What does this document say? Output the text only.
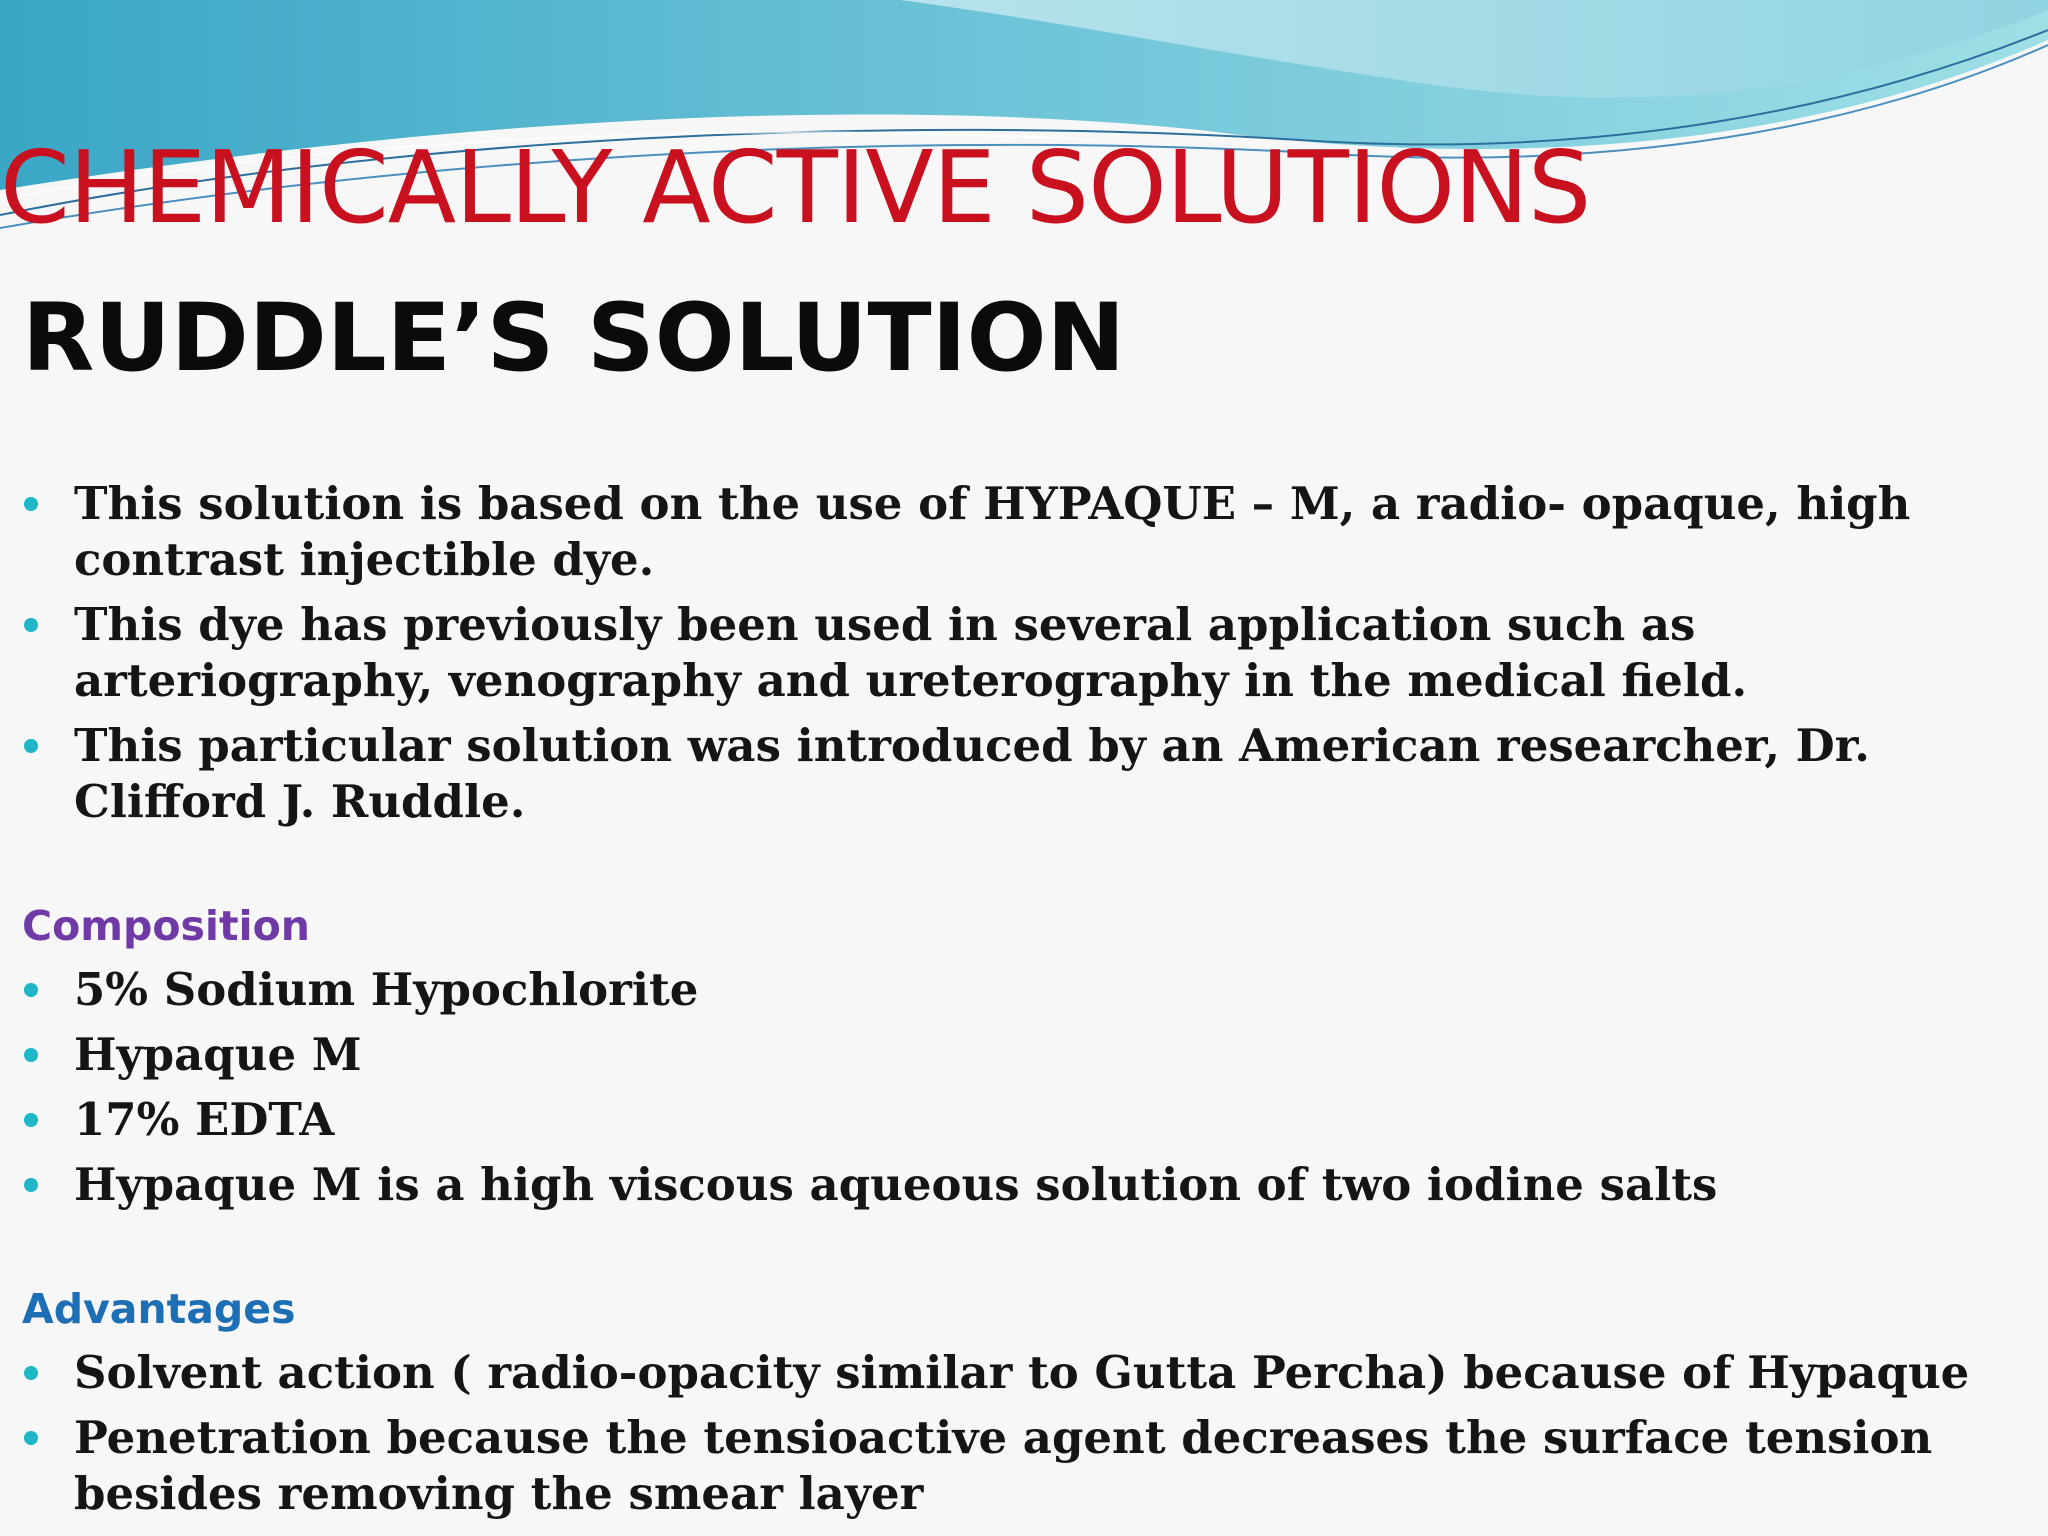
CHEMICALLY ACTIVE SOLUTIONS
RUDDLE’S SOLUTION
This solution is based on the use of HYPAQUE – M, a radio- opaque, high contrast injectible dye.
This dye has previously been used in several application such as arteriography, venography and ureterography in the medical field.
This particular solution was introduced by an American researcher, Dr. Clifford J. Ruddle.
Composition
5% Sodium Hypochlorite
Hypaque M
17% EDTA
Hypaque M is a high viscous aqueous solution of two iodine salts
Advantages
Solvent action ( radio-opacity similar to Gutta Percha) because of Hypaque
Penetration because the tensioactive agent decreases the surface tension besides removing the smear layer
